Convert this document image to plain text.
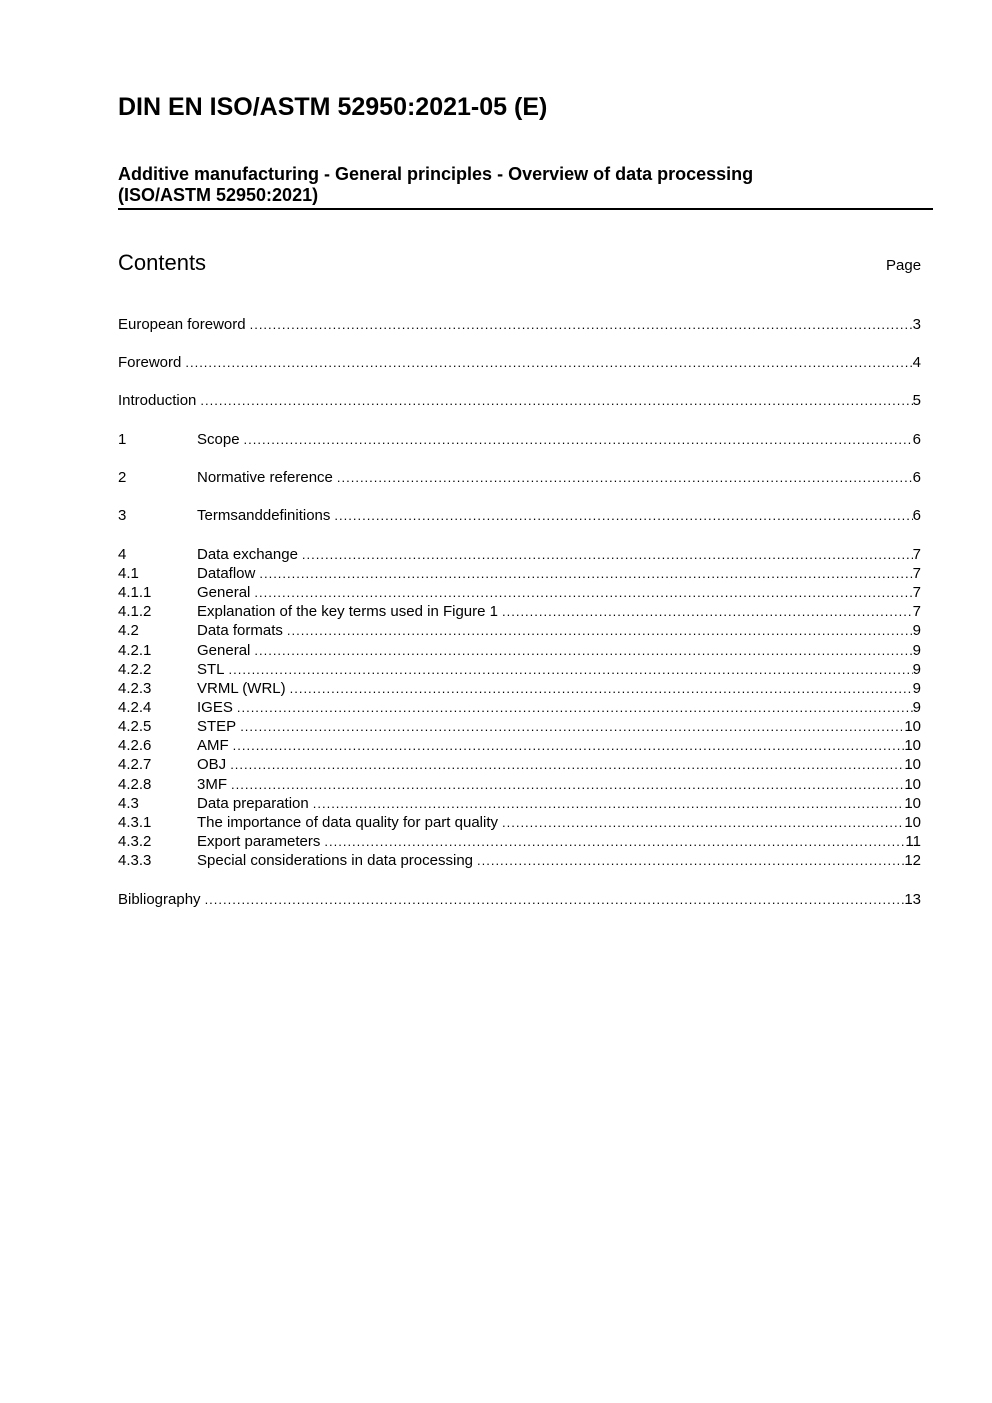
DIN EN ISO/ASTM 52950:2021-05 (E)
Additive manufacturing - General principles - Overview of data processing
(ISO/ASTM 52950:2021)
Contents	Page
European foreword .....	3
Foreword .....	4
Introduction .....	5
1	Scope .....	6
2	Normative reference .....	6
3	Termsanddefinitions .....	6
4	Data exchange .....	7
4.1	Dataflow .....	7
4.1.1	General .....	7
4.1.2	Explanation of the key terms used in Figure 1 .....	7
4.2	Data formats .....	9
4.2.1	General .....	9
4.2.2	STL .....	9
4.2.3	VRML (WRL) .....	9
4.2.4	IGES .....	9
4.2.5	STEP .....	10
4.2.6	AMF .....	10
4.2.7	OBJ .....	10
4.2.8	3MF .....	10
4.3	Data preparation .....	10
4.3.1	The importance of data quality for part quality .....	10
4.3.2	Export parameters .....	11
4.3.3	Special considerations in data processing .....	12
Bibliography .....	13
